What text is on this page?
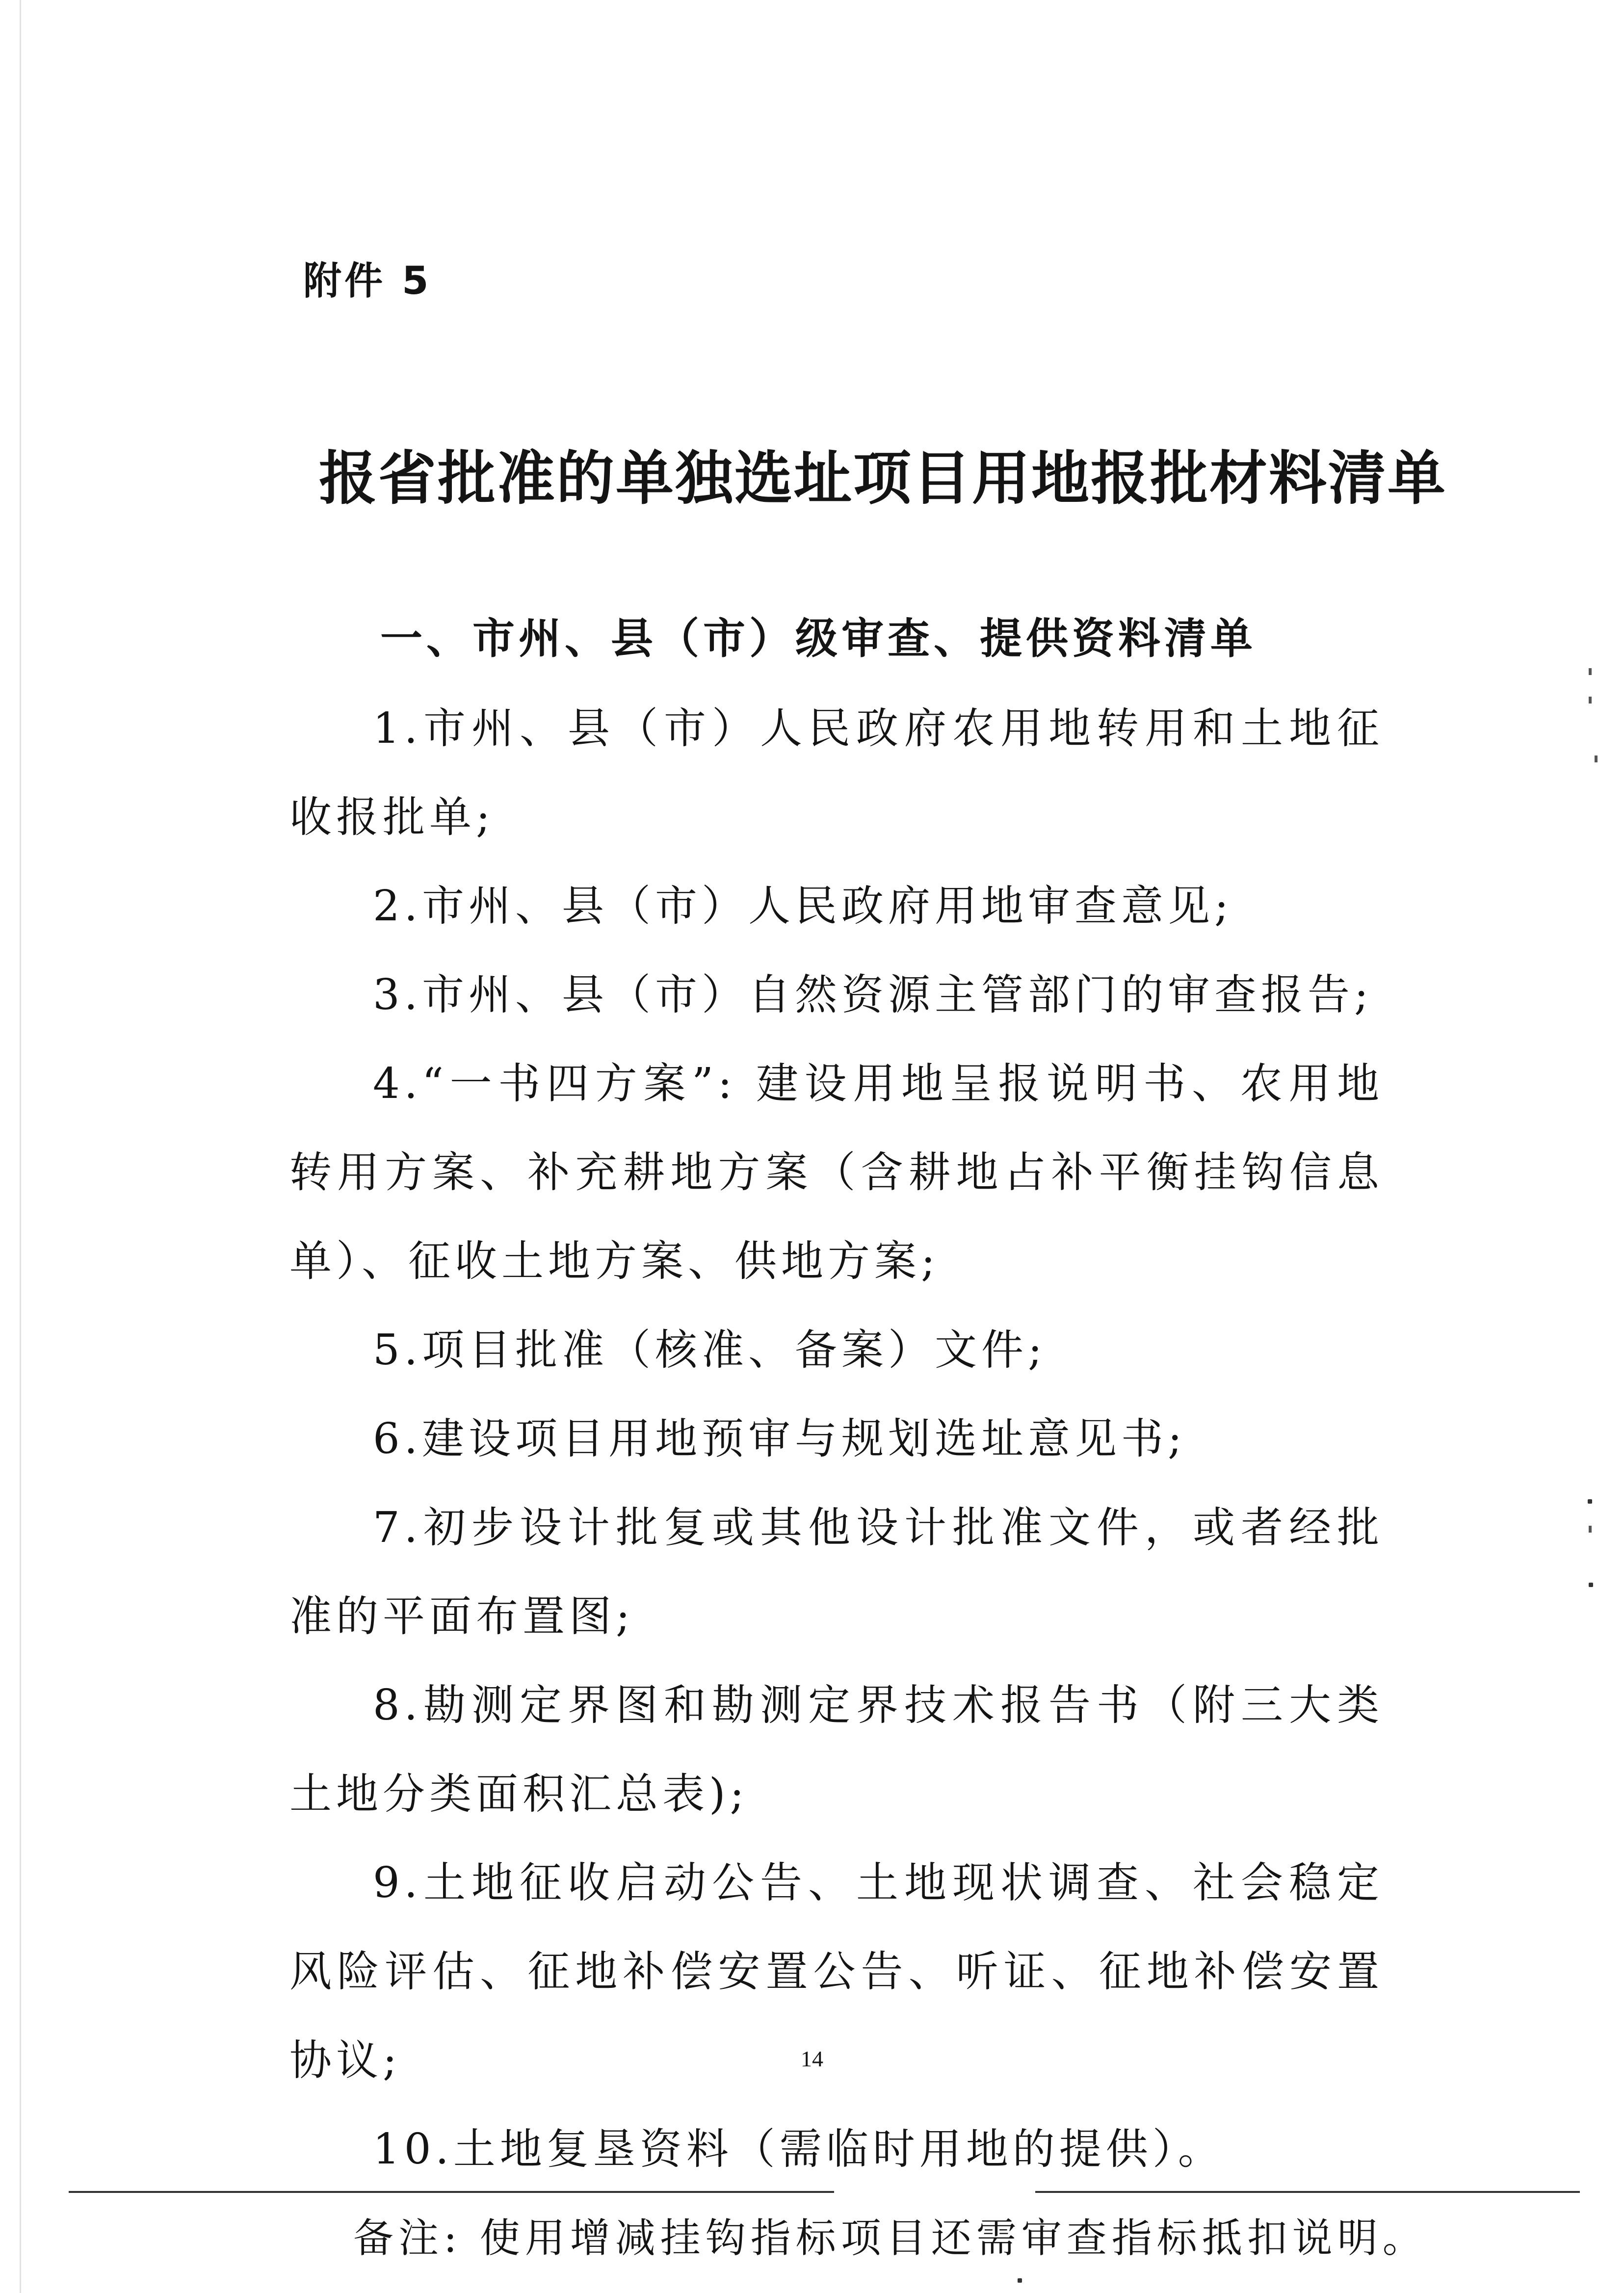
附件 5
报省批准的单独选址项目用地报批材料清单
一、市州、县（市）级审查、提供资料清单

1.市州、县（市）人民政府农用地转用和土地征收报批单;

2.市州、县（市）人民政府用地审查意见;

3.市州、县（市）自然资源主管部门的审查报告;

4.“一书四方案”: 建设用地呈报说明书、农用地转用方案、补充耕地方案（含耕地占补平衡挂钩信息单）、征收土地方案、供地方案;

5.项目批准（核准、备案）文件;

6.建设项目用地预审与规划选址意见书;

7.初步设计批复或其他设计批准文件，或者经批准的平面布置图;

8.勘测定界图和勘测定界技术报告书（附三大类土地分类面积汇总表);

9.土地征收启动公告、土地现状调查、社会稳定风险评估、征地补偿安置公告、听证、征地补偿安置协议;

10.土地复垦资料（需临时用地的提供）。

备注: 使用增减挂钩指标项目还需审查指标抵扣说明。

14
